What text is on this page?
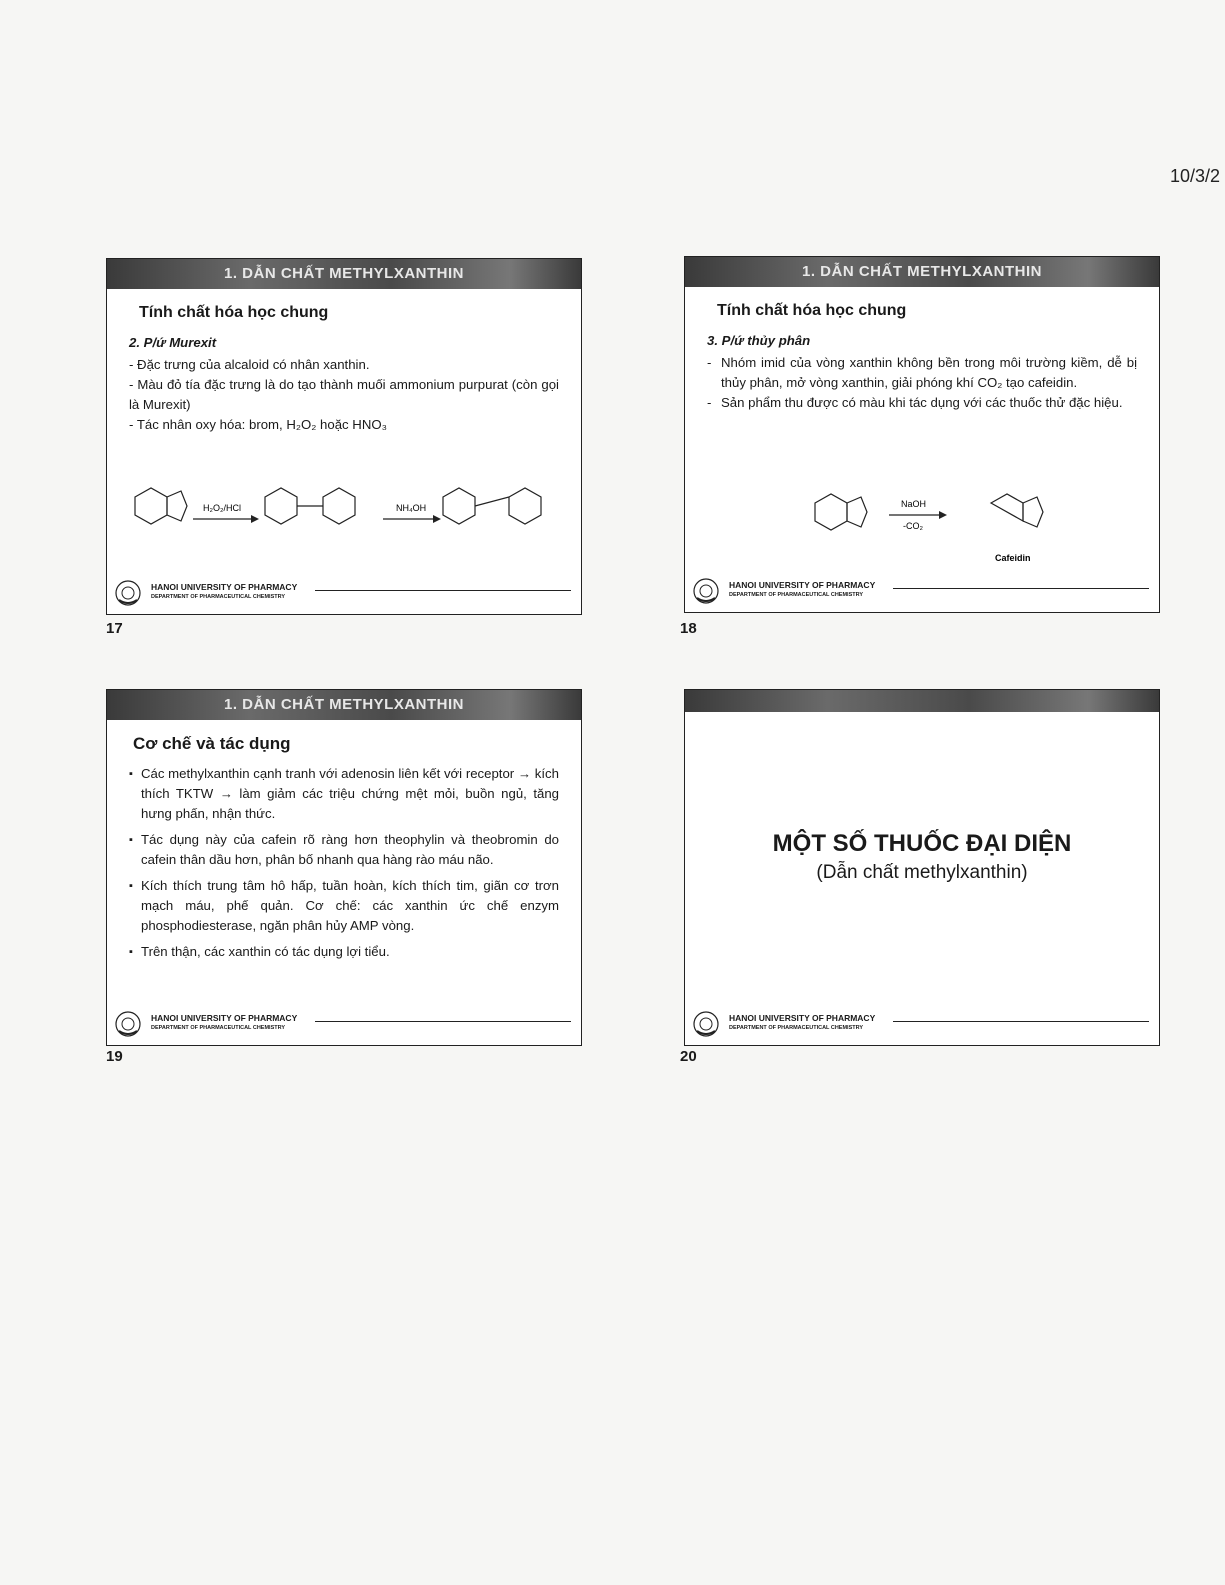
10/3/2
1. DẪN CHẤT METHYLXANTHIN
Tính chất hóa học chung
2. P/ứ Murexit

- Đặc trưng của alcaloid có nhân xanthin.

- Màu đỏ tía đặc trưng là do tạo thành muối ammonium purpurat (còn gọi là Murexit)

- Tác nhân oxy hóa: brom, H₂O₂ hoặc HNO₃

H₂O₂/HCl	NH₄OH
HANOI UNIVERSITY OF PHARMACY
DEPARTMENT OF PHARMACEUTICAL CHEMISTRY
17
1. DẪN CHẤT METHYLXANTHIN
Tính chất hóa học chung
3. P/ứ thủy phân
- Nhóm imid của vòng xanthin không bền trong môi trường kiềm, dễ bị thủy phân, mở vòng xanthin, giải phóng khí CO₂ tạo cafeidin.
- Sản phẩm thu được có màu khi tác dụng với các thuốc thử đặc hiệu.
NaOH
-CO₂
Cafeidin
HANOI UNIVERSITY OF PHARMACY
DEPARTMENT OF PHARMACEUTICAL CHEMISTRY
18
1. DẪN CHẤT METHYLXANTHIN
Cơ chế và tác dụng
▪ Các methylxanthin cạnh tranh với adenosin liên kết với receptor → kích thích TKTW → làm giảm các triệu chứng mệt mỏi, buồn ngủ, tăng hưng phấn, nhận thức.
▪ Tác dụng này của cafein rõ ràng hơn theophylin và theobromin do cafein thân dầu hơn, phân bố nhanh qua hàng rào máu não.
▪ Kích thích trung tâm hô hấp, tuần hoàn, kích thích tim, giãn cơ trơn mạch máu, phế quản. Cơ chế: các xanthin ức chế enzym phosphodiesterase, ngăn phân hủy AMP vòng.
▪ Trên thận, các xanthin có tác dụng lợi tiểu.
HANOI UNIVERSITY OF PHARMACY
DEPARTMENT OF PHARMACEUTICAL CHEMISTRY
19
MỘT SỐ THUỐC ĐẠI DIỆN
(Dẫn chất methylxanthin)
HANOI UNIVERSITY OF PHARMACY
DEPARTMENT OF PHARMACEUTICAL CHEMISTRY
20
